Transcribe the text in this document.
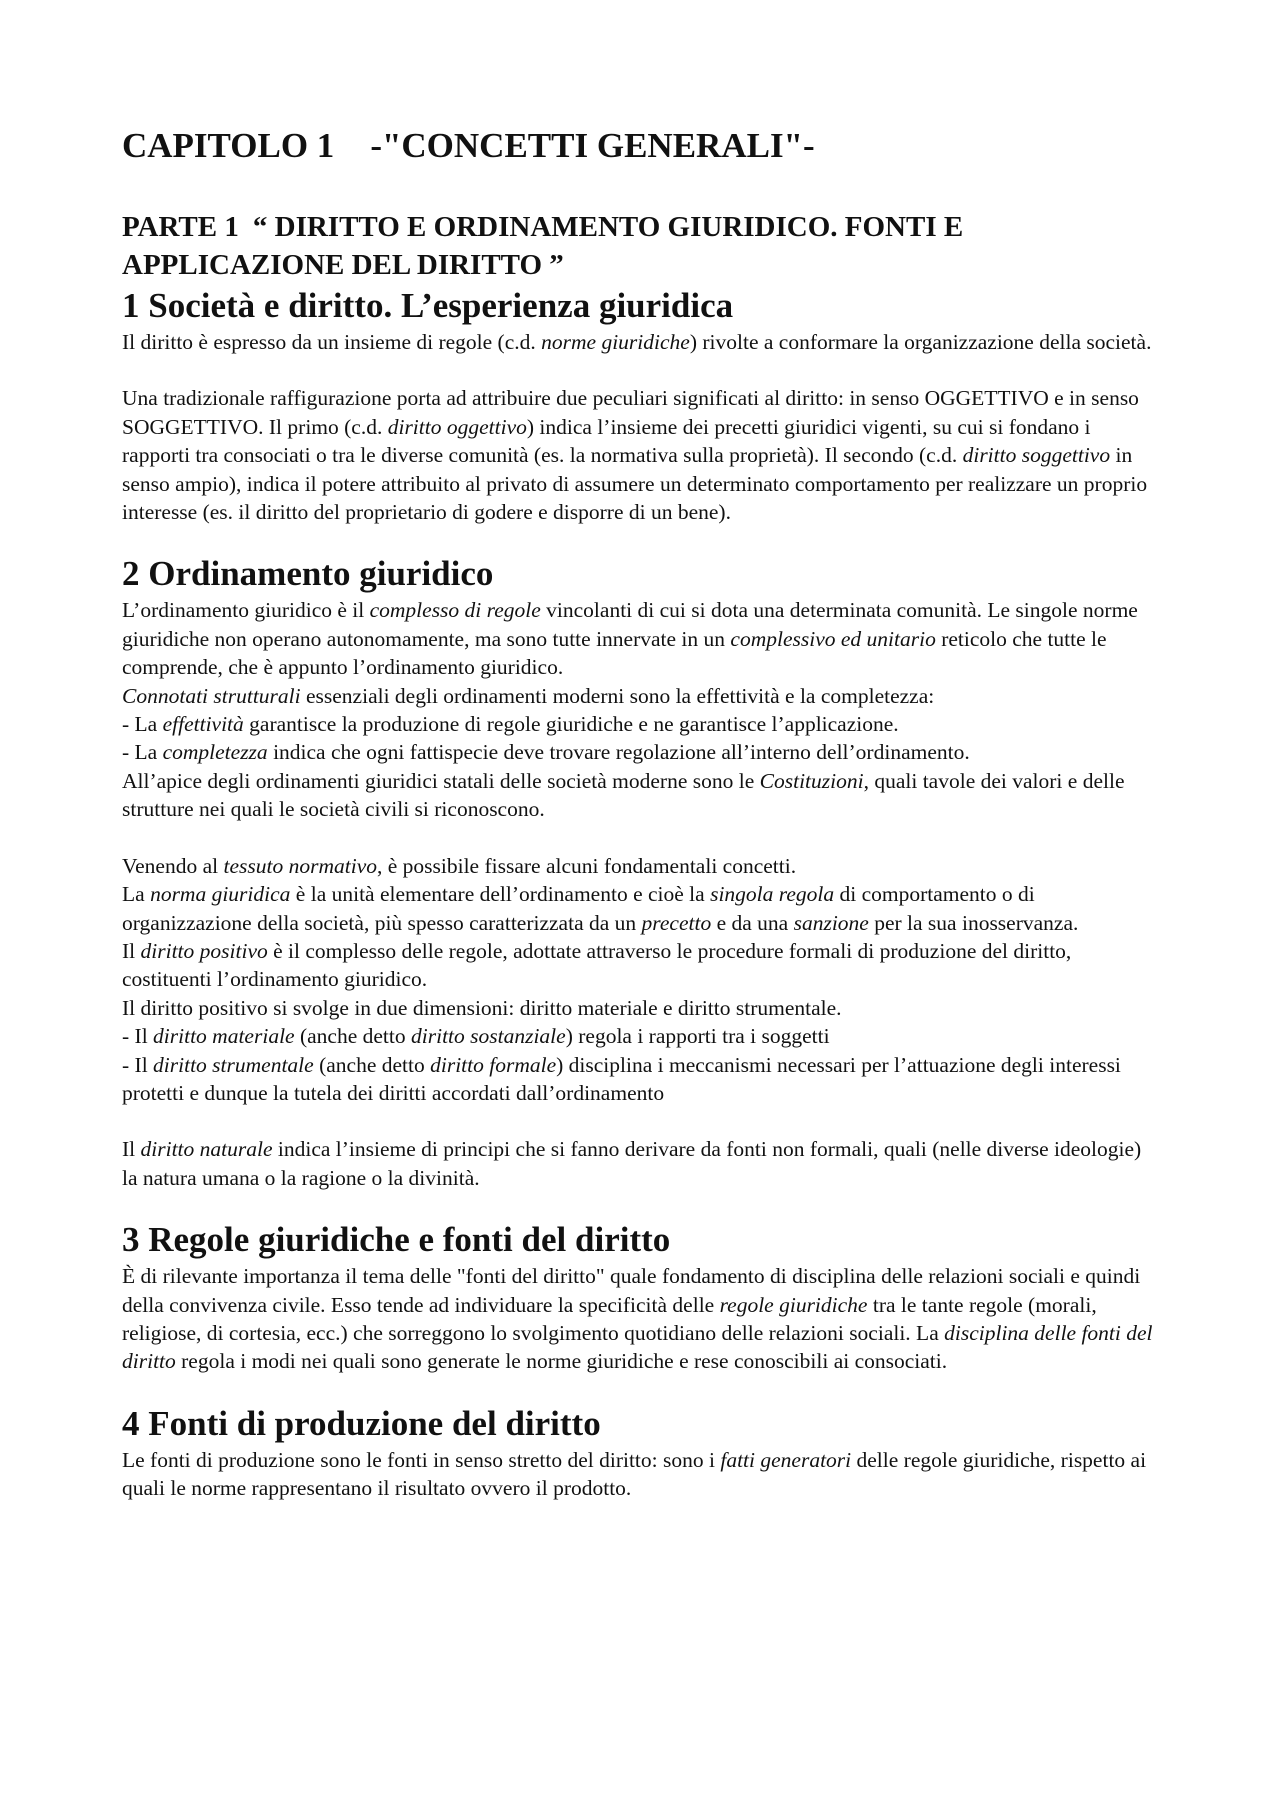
CAPITOLO 1 -"CONCETTI GENERALI"-
PARTE 1 “ DIRITTO E ORDINAMENTO GIURIDICO. FONTI E
APPLICAZIONE DEL DIRITTO ”
1 Società e diritto. L’esperienza giuridica

Il diritto è espresso da un insieme di regole (c.d. norme giuridiche) rivolte a conformare la organizzazione della società.

Una tradizionale raffigurazione porta ad attribuire due peculiari significati al diritto: in senso OGGETTIVO e in senso SOGGETTIVO. Il primo (c.d. diritto oggettivo) indica l’insieme dei precetti giuridici vigenti, su cui si fondano i rapporti tra consociati o tra le diverse comunità (es. la normativa sulla proprietà). Il secondo (c.d. diritto soggettivo in senso ampio), indica il potere attribuito al privato di assumere un determinato comportamento per realizzare un proprio interesse (es. il diritto del proprietario di godere e disporre di un bene).

2 Ordinamento giuridico

L’ordinamento giuridico è il complesso di regole vincolanti di cui si dota una determinata comunità. Le singole norme giuridiche non operano autonomamente, ma sono tutte innervate in un complessivo ed unitario reticolo che tutte le comprende, che è appunto l’ordinamento giuridico.

Connotati strutturali essenziali degli ordinamenti moderni sono la effettività e la completezza:

- La effettività garantisce la produzione di regole giuridiche e ne garantisce l’applicazione.

- La completezza indica che ogni fattispecie deve trovare regolazione all’interno dell’ordinamento.

All’apice degli ordinamenti giuridici statali delle società moderne sono le Costituzioni, quali tavole dei valori e delle strutture nei quali le società civili si riconoscono.

Venendo al tessuto normativo, è possibile fissare alcuni fondamentali concetti.

La norma giuridica è la unità elementare dell’ordinamento e cioè la singola regola di comportamento o di organizzazione della società, più spesso caratterizzata da un precetto e da una sanzione per la sua inosservanza.

Il diritto positivo è il complesso delle regole, adottate attraverso le procedure formali di produzione del diritto, costituenti l’ordinamento giuridico.

Il diritto positivo si svolge in due dimensioni: diritto materiale e diritto strumentale.

- Il diritto materiale (anche detto diritto sostanziale) regola i rapporti tra i soggetti

- Il diritto strumentale (anche detto diritto formale) disciplina i meccanismi necessari per l’attuazione degli interessi protetti e dunque la tutela dei diritti accordati dall’ordinamento

Il diritto naturale indica l’insieme di principi che si fanno derivare da fonti non formali, quali (nelle diverse ideologie) la natura umana o la ragione o la divinità.

3 Regole giuridiche e fonti del diritto

È di rilevante importanza il tema delle "fonti del diritto" quale fondamento di disciplina delle relazioni sociali e quindi della convivenza civile. Esso tende ad individuare la specificità delle regole giuridiche tra le tante regole (morali, religiose, di cortesia, ecc.) che sorreggono lo svolgimento quotidiano delle relazioni sociali. La disciplina delle fonti del diritto regola i modi nei quali sono generate le norme giuridiche e rese conoscibili ai consociati.

4 Fonti di produzione del diritto

Le fonti di produzione sono le fonti in senso stretto del diritto: sono i fatti generatori delle regole giuridiche, rispetto ai quali le norme rappresentano il risultato ovvero il prodotto.
